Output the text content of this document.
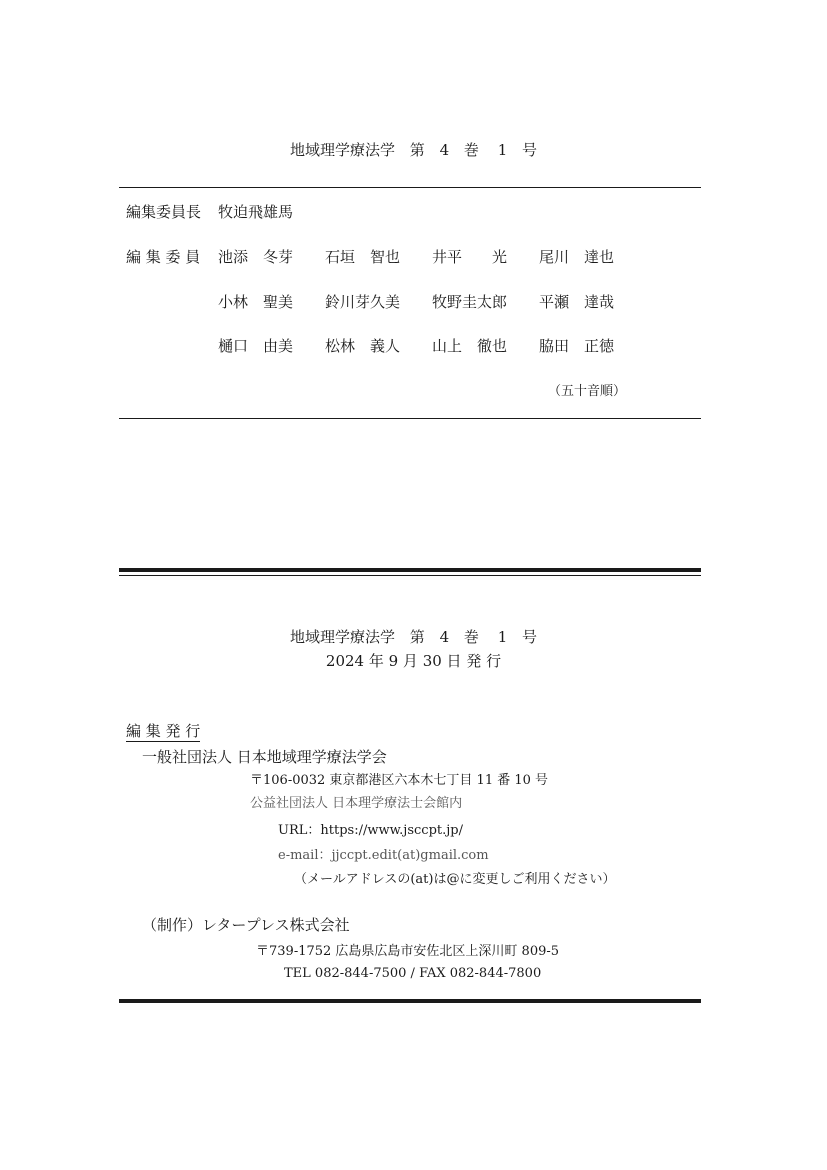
地域理学療法学 第 4 巻 1 号
編集委員長 牧迫飛雄馬
編 集 委 員 池添　冬芽 石垣　智也 井平　　光 尾川　達也
小林　聖美 鈴川芽久美 牧野圭太郎 平瀬　達哉
樋口　由美 松林　義人 山上　徹也 脇田　正徳
（五十音順）
地域理学療法学 第 4 巻 1 号
2024 年 9 月 30 日 発 行
編 集 発 行
一般社団法人 日本地域理学療法学会
〒106-0032 東京都港区六本木七丁目 11 番 10 号
公益社団法人 日本理学療法士会館内
URL：https://www.jsccpt.jp/
e-mail：jjccpt.edit(at)gmail.com
（メールアドレスの(at)は@に変更しご利用ください）
（制作）レタープレス株式会社
〒739-1752 広島県広島市安佐北区上深川町 809-5
TEL 082-844-7500 / FAX 082-844-7800
